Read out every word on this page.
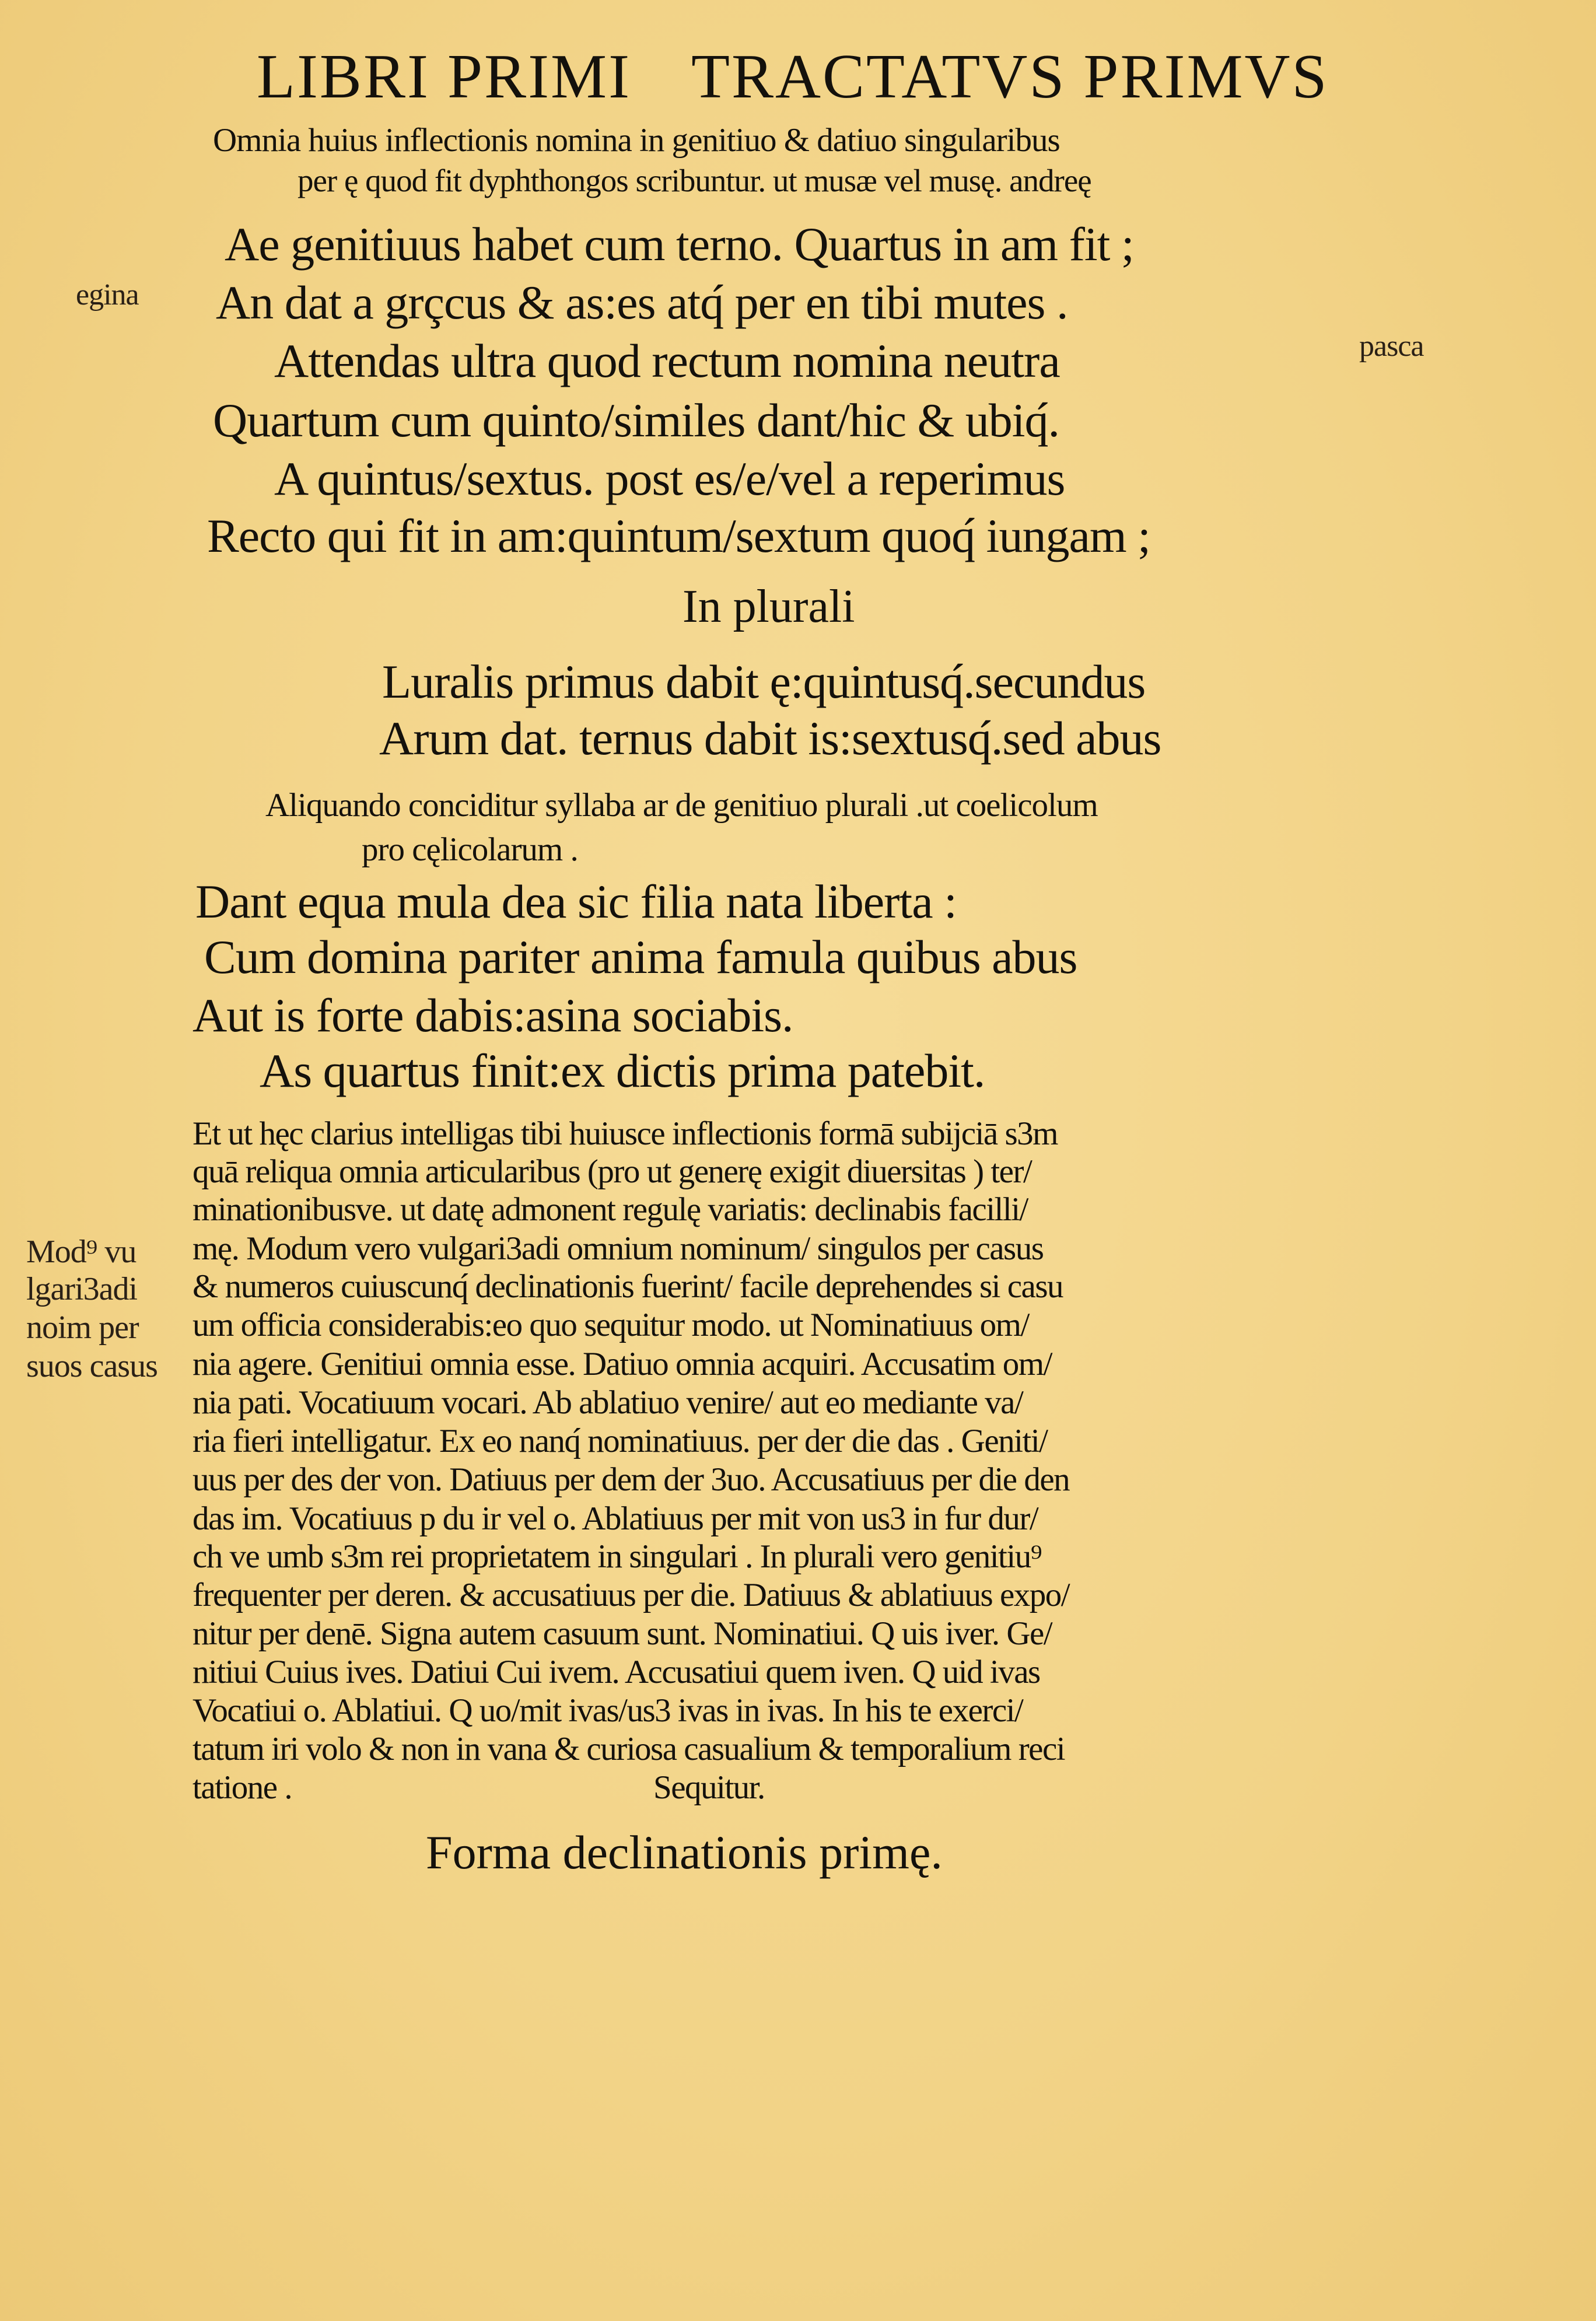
LIBRI PRIMI TRACTATVS PRIMVS
Omnia huius inflectionis nomina in genitiuo & datiuo singularibus
per ę quod fit dyphthongos scribuntur. ut musæ vel musę. andreę
Ae genitiuus habet cum terno. Quartus in am fit ;
egina An dat a grçcus & as:es atq́ per en tibi mutes .
Attendas ultra quod rectum nomina neutra	pasca
Quartum cum quinto/similes dant/hic & ubiq́.
A quintus/sextus. post es/e/vel a reperimus
Recto qui fit in am:quintum/sextum quoq́ iungam ;
In plurali
Luralis primus dabit ę:quintusq́.secundus
Arum dat. ternus dabit is:sextusq́.sed abus
Aliquando conciditur syllaba ar de genitiuo plurali .ut coelicolum
pro cęlicolarum .
Dant equa mula dea sic filia nata liberta :
Cum domina pariter anima famula quibus abus
Aut is forte dabis:asina sociabis.
As quartus finit:ex dictis prima patebit.
Et ut hęc clarius intelligas tibi huiusce inflectionis formā subijciā s3m
quā reliqua omnia articularibus (pro ut generę exigit diuersitas ) ter/
minationibusve. ut datę admonent regulę variatis: declinabis facilli/
mę. Modum vero vulgari3adi omnium nominum/ singulos per casus
& numeros cuiuscunq́ declinationis fuerint/ facile deprehendes si casu
um officia considerabis:eo quo sequitur modo. ut Nominatiuus om/
nia agere. Genitiui omnia esse. Datiuo omnia acquiri. Accusatim om/
nia pati. Vocatiuum vocari. Ab ablatiuo venire/ aut eo mediante va/
ria fieri intelligatur. Ex eo nanq́ nominatiuus. per der die das . Geniti/
uus per des der von. Datiuus per dem der 3uo. Accusatiuus per die den
das im. Vocatiuus p du ir vel o. Ablatiuus per mit von us3 in fur dur/
ch ve umb s3m rei proprietatem in singulari . In plurali vero genitiu⁹
frequenter per deren. & accusatiuus per die. Datiuus & ablatiuus expo/
nitur per denē. Signa autem casuum sunt. Nominatiui. Q uis iver. Ge/
nitiui Cuius ives. Datiui Cui ivem. Accusatiui quem iven. Q uid ivas
Vocatiui o. Ablatiui. Q uo/mit ivas/us3 ivas in ivas. In his te exerci/
tatum iri volo & non in vana & curiosa casualium & temporalium reci
tatione .	Sequitur.
Mod⁹ vu
lgari3adi
noim per
suos casus
Forma declinationis primę.
